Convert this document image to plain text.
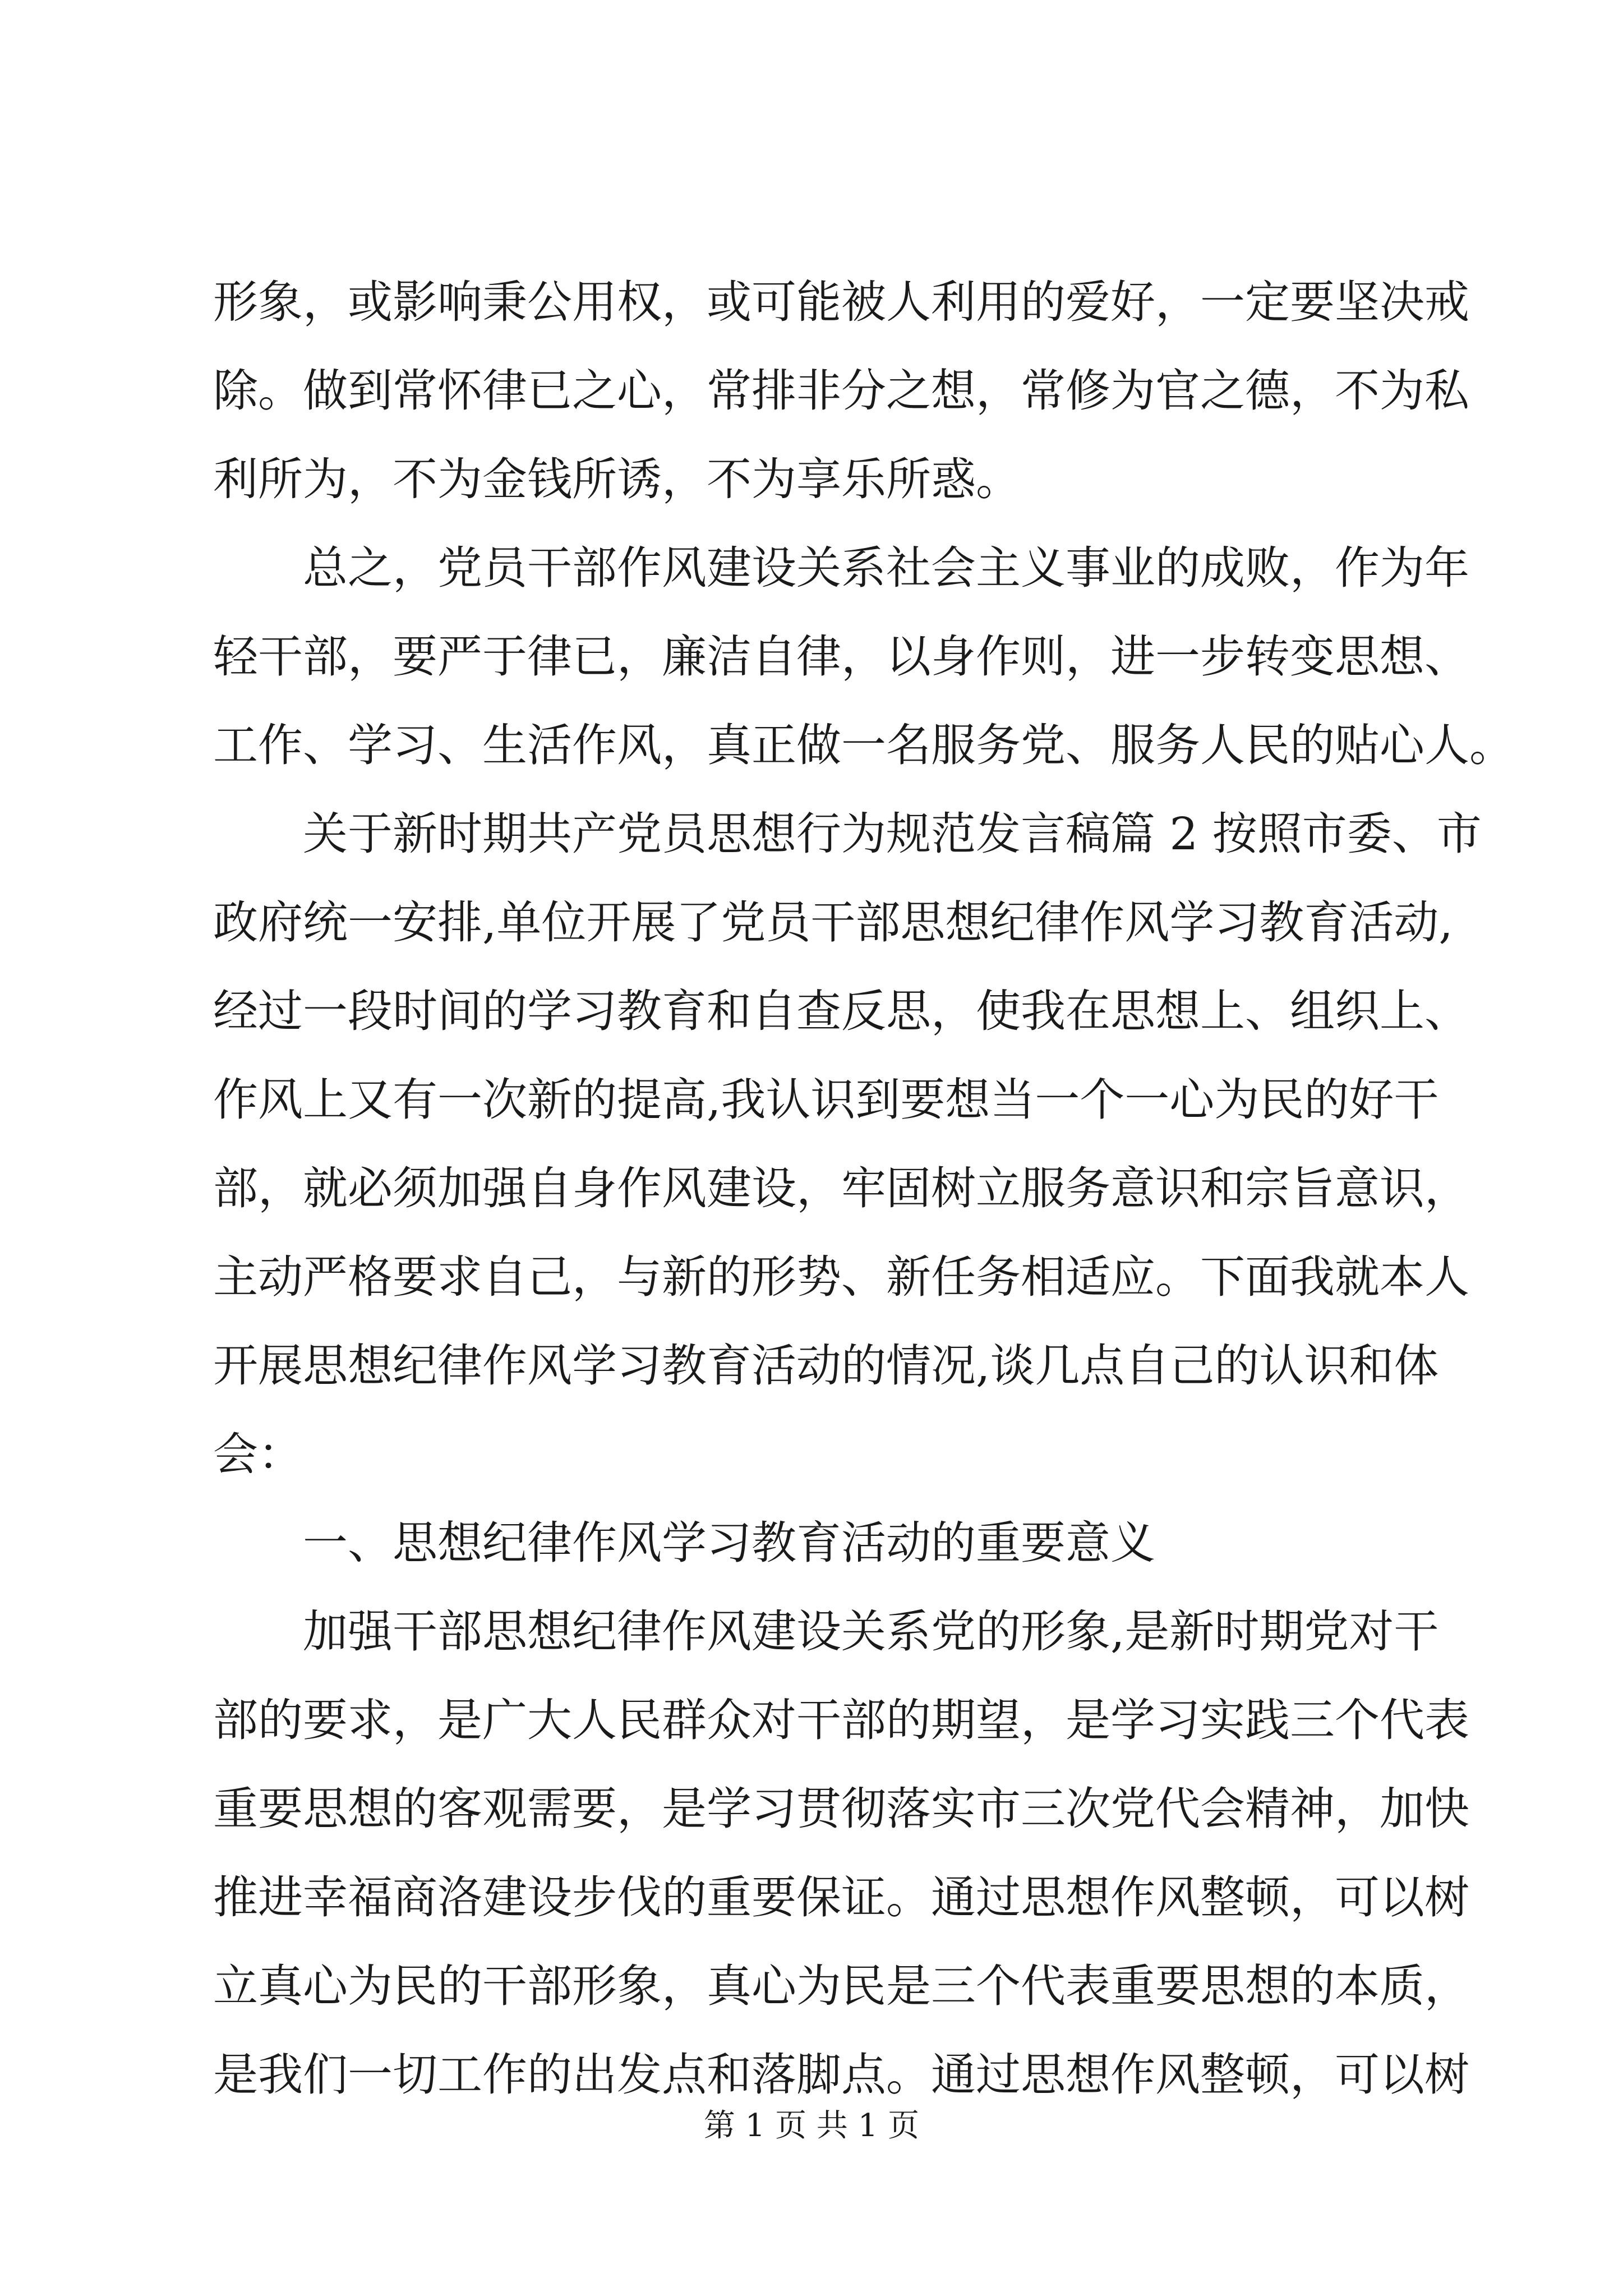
形象，或影响秉公用权，或可能被人利用的爱好，一定要坚决戒
除。做到常怀律已之心，常排非分之想，常修为官之德，不为私
利所为，不为金钱所诱，不为享乐所惑。
总之，党员干部作风建设关系社会主义事业的成败，作为年
轻干部，要严于律已，廉洁自律，以身作则，进一步转变思想、
工作、学习、生活作风，真正做一名服务党、服务人民的贴心人。
关于新时期共产党员思想行为规范发言稿篇 2 按照市委、市
政府统一安排,单位开展了党员干部思想纪律作风学习教育活动,
经过一段时间的学习教育和自查反思，使我在思想上、组织上、
作风上又有一次新的提高,我认识到要想当一个一心为民的好干
部，就必须加强自身作风建设，牢固树立服务意识和宗旨意识，
主动严格要求自己，与新的形势、新任务相适应。下面我就本人
开展思想纪律作风学习教育活动的情况,谈几点自己的认识和体
会：
一、思想纪律作风学习教育活动的重要意义
加强干部思想纪律作风建设关系党的形象,是新时期党对干
部的要求，是广大人民群众对干部的期望，是学习实践三个代表
重要思想的客观需要，是学习贯彻落实市三次党代会精神，加快
推进幸福商洛建设步伐的重要保证。通过思想作风整顿，可以树
立真心为民的干部形象，真心为民是三个代表重要思想的本质，
是我们一切工作的出发点和落脚点。通过思想作风整顿，可以树
第 1 页 共 1 页
